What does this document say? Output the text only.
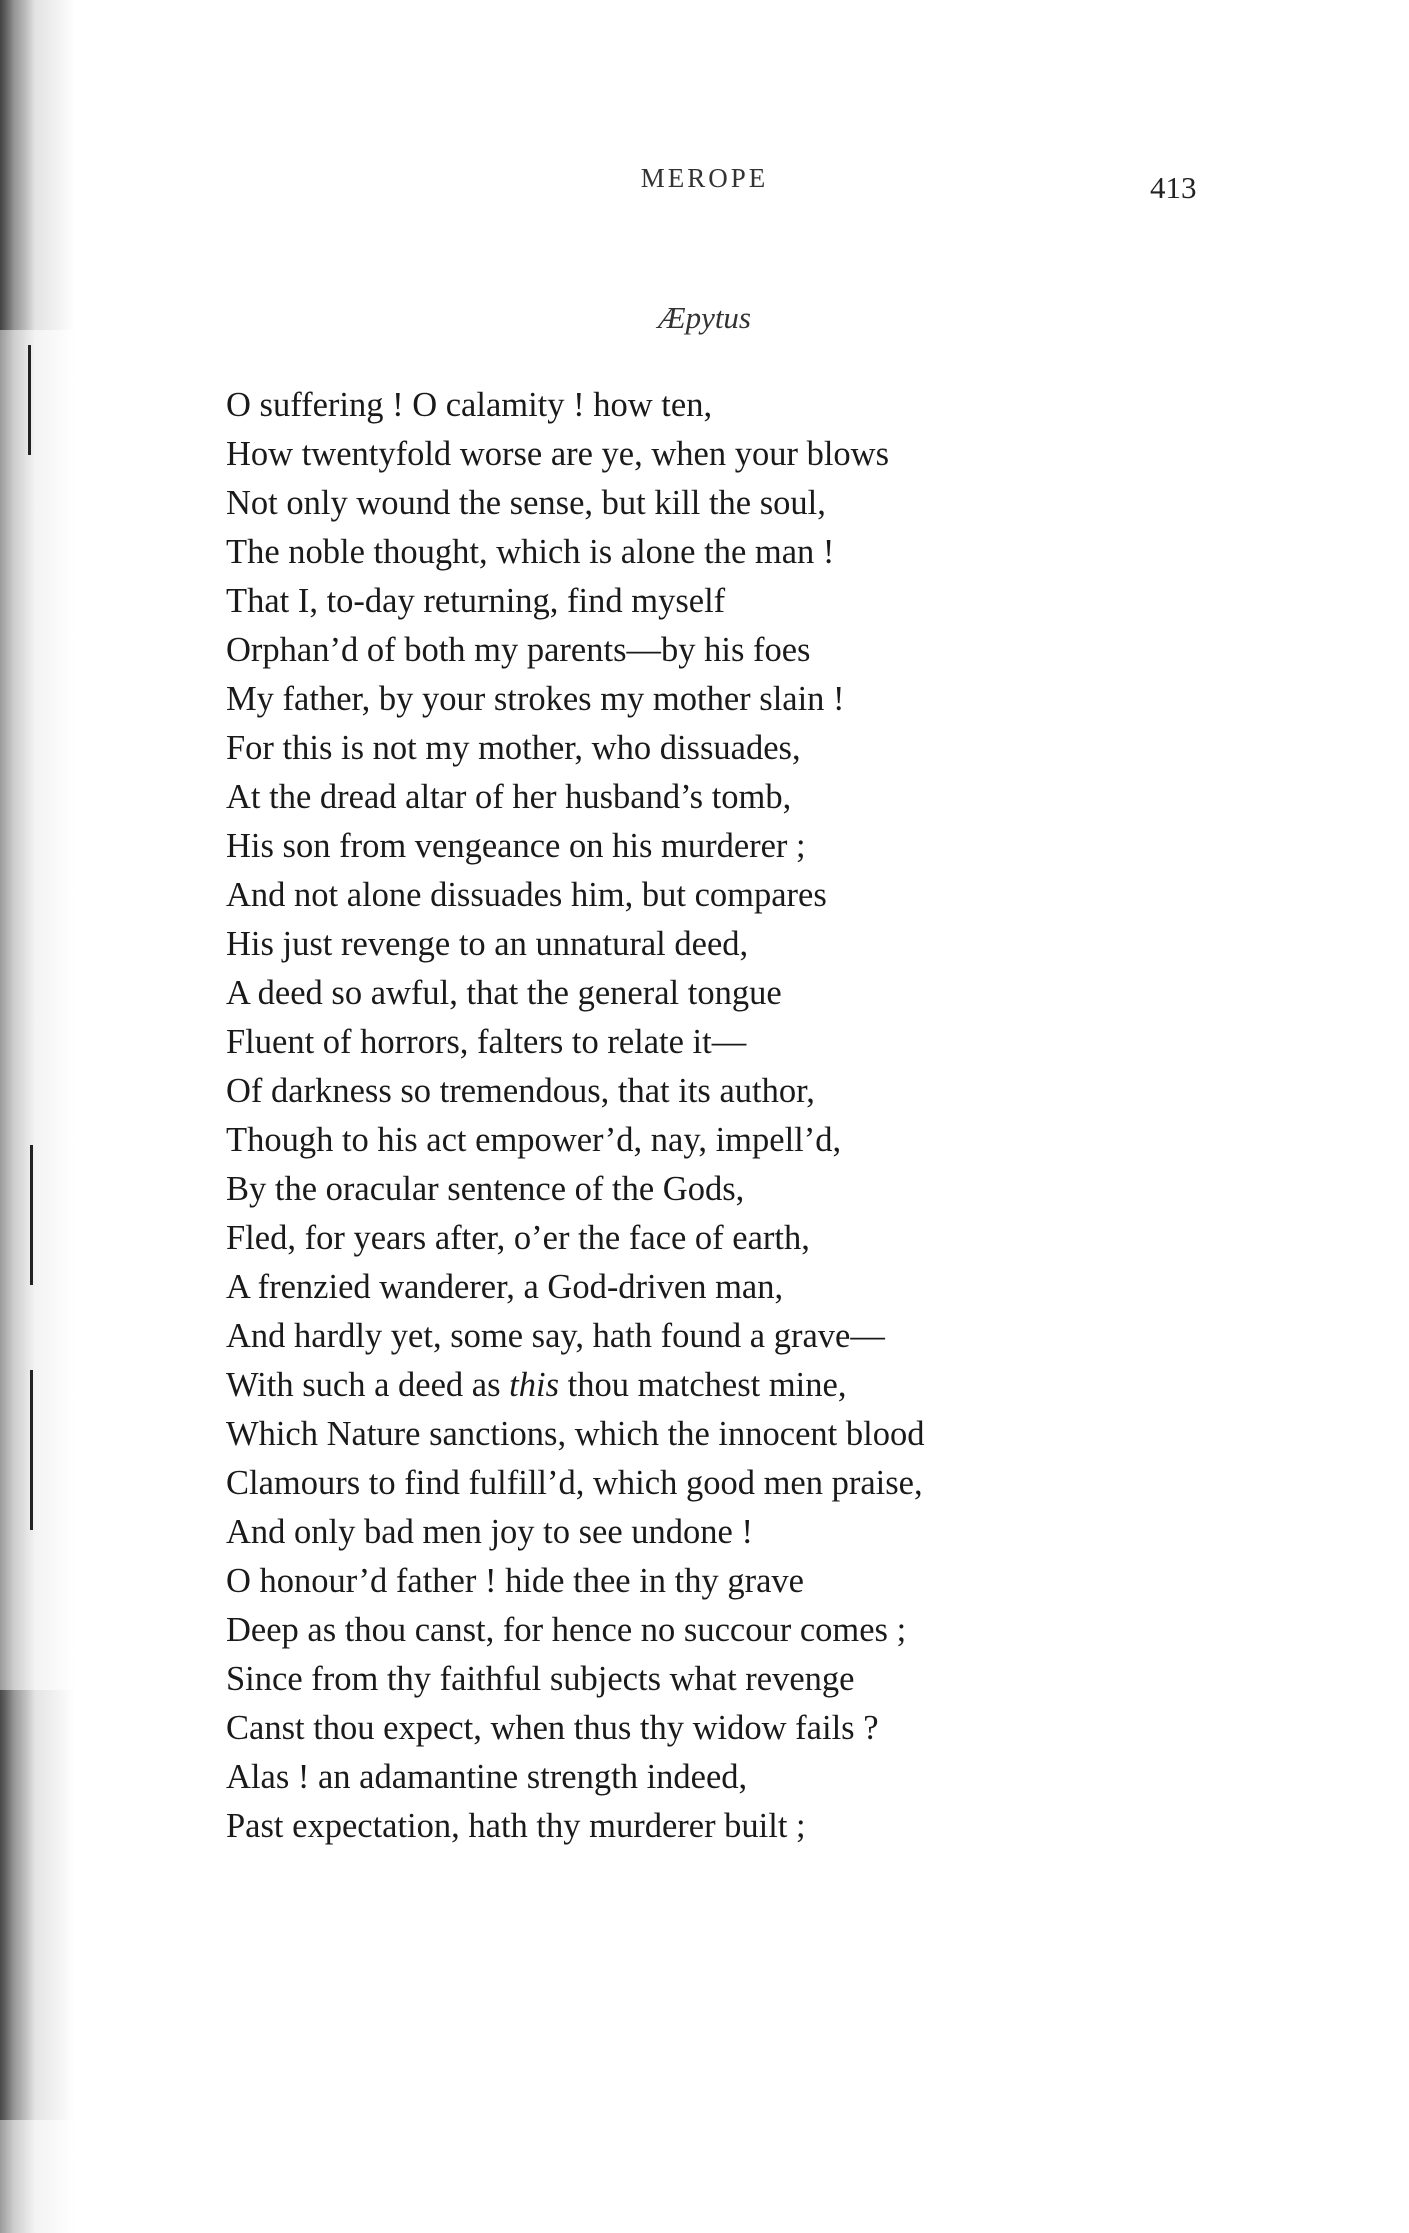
MEROPE	413
Æpytus
O suffering ! O calamity ! how ten,
How twentyfold worse are ye, when your blows
Not only wound the sense, but kill the soul,
The noble thought, which is alone the man !
That I, to-day returning, find myself
Orphan’d of both my parents—by his foes
My father, by your strokes my mother slain !
For this is not my mother, who dissuades,
At the dread altar of her husband’s tomb,
His son from vengeance on his murderer ;
And not alone dissuades him, but compares
His just revenge to an unnatural deed,
A deed so awful, that the general tongue
Fluent of horrors, falters to relate it—
Of darkness so tremendous, that its author,
Though to his act empower’d, nay, impell’d,
By the oracular sentence of the Gods,
Fled, for years after, o’er the face of earth,
A frenzied wanderer, a God-driven man,
And hardly yet, some say, hath found a grave—
With such a deed as this thou matchest mine,
Which Nature sanctions, which the innocent blood
Clamours to find fulfill’d, which good men praise,
And only bad men joy to see undone !
O honour’d father ! hide thee in thy grave
Deep as thou canst, for hence no succour comes ;
Since from thy faithful subjects what revenge
Canst thou expect, when thus thy widow fails ?
Alas ! an adamantine strength indeed,
Past expectation, hath thy murderer built ;
